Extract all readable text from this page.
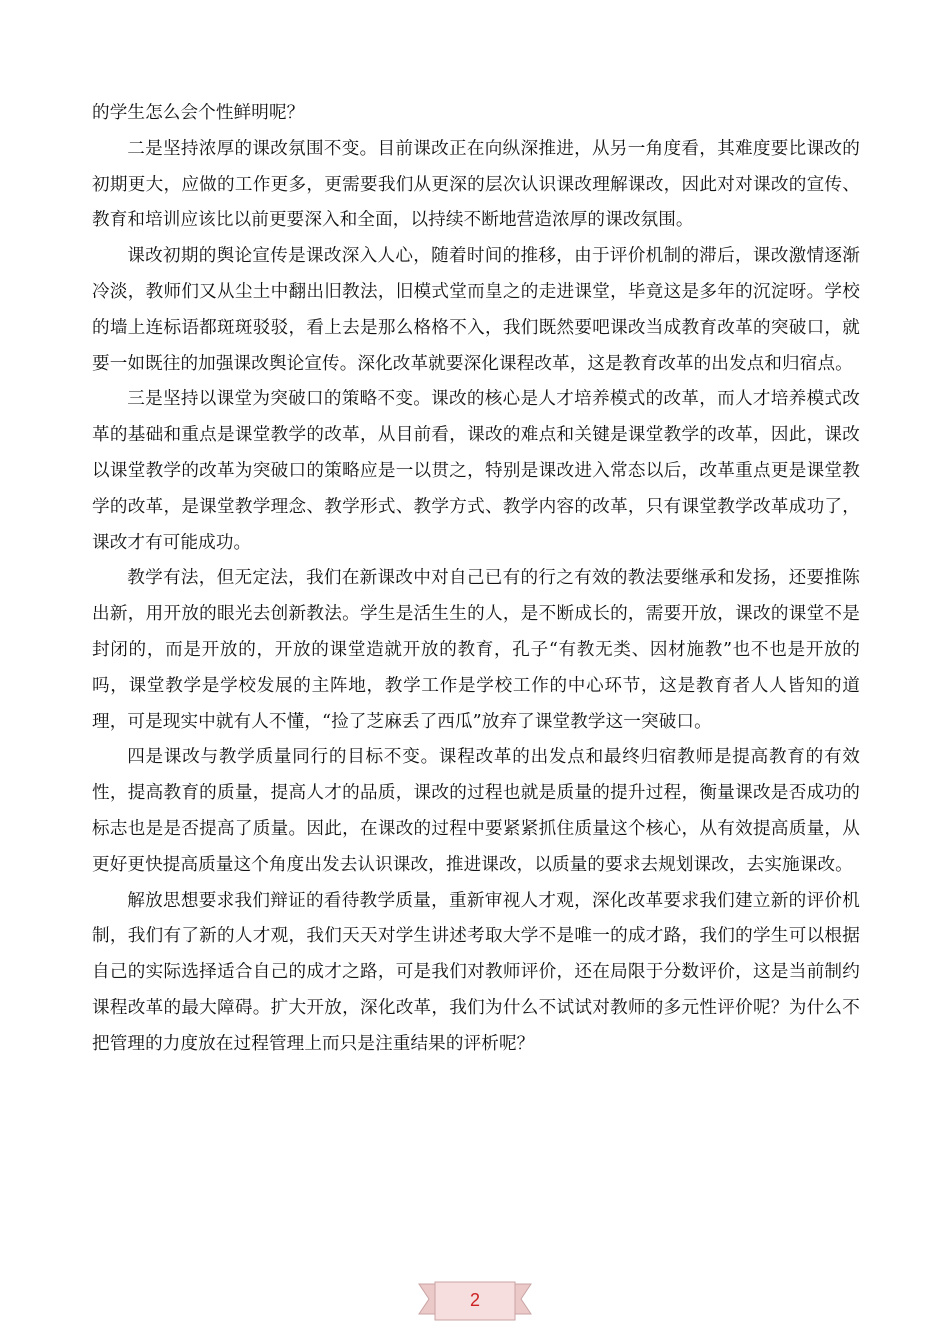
的学生怎么会个性鲜明呢？

二是坚持浓厚的课改氛围不变。目前课改正在向纵深推进，从另一角度看，其难度要比课改的初期更大，应做的工作更多，更需要我们从更深的层次认识课改理解课改，因此对对课改的宣传、教育和培训应该比以前更要深入和全面，以持续不断地营造浓厚的课改氛围。

课改初期的舆论宣传是课改深入人心，随着时间的推移，由于评价机制的滞后，课改激情逐渐冷淡，教师们又从尘土中翻出旧教法，旧模式堂而皇之的走进课堂，毕竟这是多年的沉淀呀。学校的墙上连标语都斑斑驳驳，看上去是那么格格不入，我们既然要吧课改当成教育改革的突破口，就要一如既往的加强课改舆论宣传。深化改革就要深化课程改革，这是教育改革的出发点和归宿点。

三是坚持以课堂为突破口的策略不变。课改的核心是人才培养模式的改革，而人才培养模式改革的基础和重点是课堂教学的改革，从目前看，课改的难点和关键是课堂教学的改革，因此，课改以课堂教学的改革为突破口的策略应是一以贯之，特别是课改进入常态以后，改革重点更是课堂教学的改革，是课堂教学理念、教学形式、教学方式、教学内容的改革，只有课堂教学改革成功了，课改才有可能成功。

教学有法，但无定法，我们在新课改中对自己已有的行之有效的教法要继承和发扬，还要推陈出新，用开放的眼光去创新教法。学生是活生生的人，是不断成长的，需要开放，课改的课堂不是封闭的，而是开放的，开放的课堂造就开放的教育，孔子“有教无类、因材施教”也不也是开放的吗，课堂教学是学校发展的主阵地，教学工作是学校工作的中心环节，这是教育者人人皆知的道理，可是现实中就有人不懂，“捡了芝麻丢了西瓜”放弃了课堂教学这一突破口。

四是课改与教学质量同行的目标不变。课程改革的出发点和最终归宿教师是提高教育的有效性，提高教育的质量，提高人才的品质，课改的过程也就是质量的提升过程，衡量课改是否成功的标志也是是否提高了质量。因此，在课改的过程中要紧紧抓住质量这个核心，从有效提高质量，从更好更快提高质量这个角度出发去认识课改，推进课改，以质量的要求去规划课改，去实施课改。

解放思想要求我们辩证的看待教学质量，重新审视人才观，深化改革要求我们建立新的评价机制，我们有了新的人才观，我们天天对学生讲述考取大学不是唯一的成才路，我们的学生可以根据自己的实际选择适合自己的成才之路，可是我们对教师评价，还在局限于分数评价，这是当前制约课程改革的最大障碍。扩大开放，深化改革，我们为什么不试试对教师的多元性评价呢？为什么不把管理的力度放在过程管理上而只是注重结果的评析呢？

2
